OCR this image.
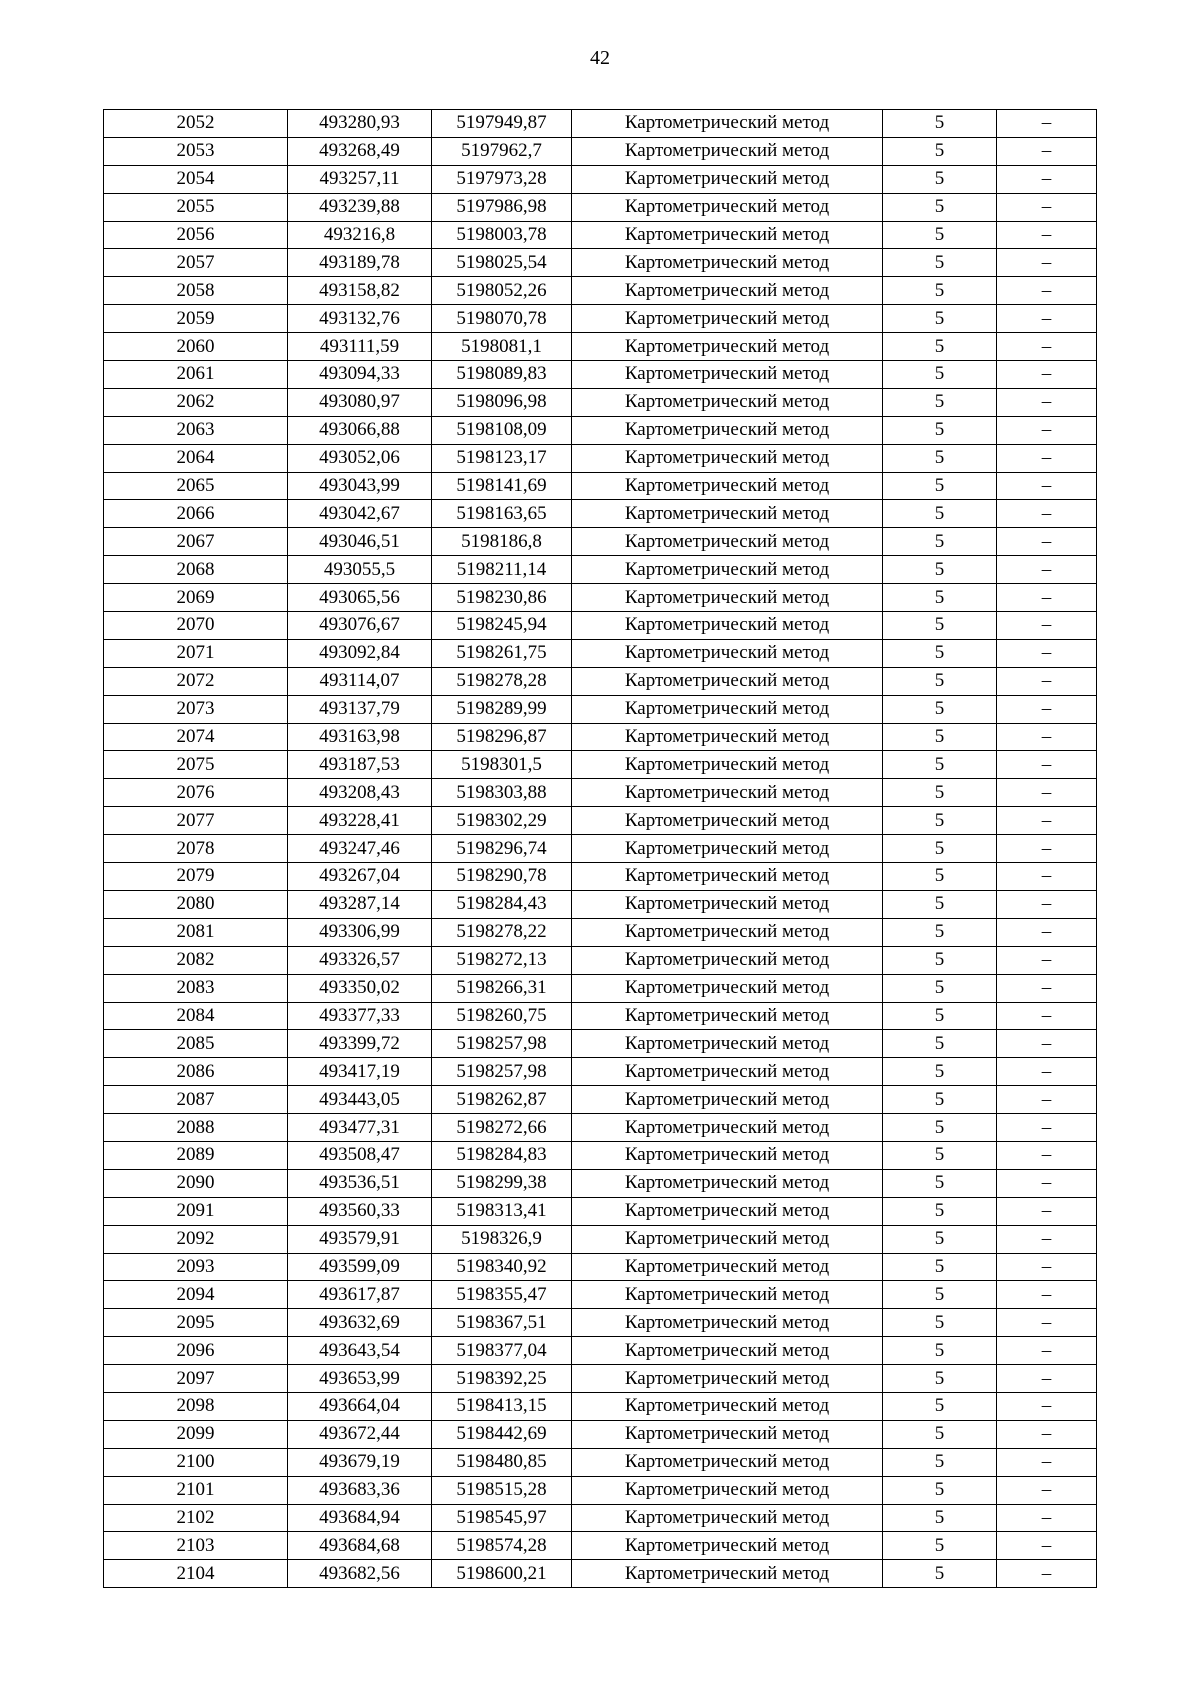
42
2052	493280,93	5197949,87	Картометрический метод	5	–
2053	493268,49	5197962,7	Картометрический метод	5	–
2054	493257,11	5197973,28	Картометрический метод	5	–
2055	493239,88	5197986,98	Картометрический метод	5	–
2056	493216,8	5198003,78	Картометрический метод	5	–
2057	493189,78	5198025,54	Картометрический метод	5	–
2058	493158,82	5198052,26	Картометрический метод	5	–
2059	493132,76	5198070,78	Картометрический метод	5	–
2060	493111,59	5198081,1	Картометрический метод	5	–
2061	493094,33	5198089,83	Картометрический метод	5	–
2062	493080,97	5198096,98	Картометрический метод	5	–
2063	493066,88	5198108,09	Картометрический метод	5	–
2064	493052,06	5198123,17	Картометрический метод	5	–
2065	493043,99	5198141,69	Картометрический метод	5	–
2066	493042,67	5198163,65	Картометрический метод	5	–
2067	493046,51	5198186,8	Картометрический метод	5	–
2068	493055,5	5198211,14	Картометрический метод	5	–
2069	493065,56	5198230,86	Картометрический метод	5	–
2070	493076,67	5198245,94	Картометрический метод	5	–
2071	493092,84	5198261,75	Картометрический метод	5	–
2072	493114,07	5198278,28	Картометрический метод	5	–
2073	493137,79	5198289,99	Картометрический метод	5	–
2074	493163,98	5198296,87	Картометрический метод	5	–
2075	493187,53	5198301,5	Картометрический метод	5	–
2076	493208,43	5198303,88	Картометрический метод	5	–
2077	493228,41	5198302,29	Картометрический метод	5	–
2078	493247,46	5198296,74	Картометрический метод	5	–
2079	493267,04	5198290,78	Картометрический метод	5	–
2080	493287,14	5198284,43	Картометрический метод	5	–
2081	493306,99	5198278,22	Картометрический метод	5	–
2082	493326,57	5198272,13	Картометрический метод	5	–
2083	493350,02	5198266,31	Картометрический метод	5	–
2084	493377,33	5198260,75	Картометрический метод	5	–
2085	493399,72	5198257,98	Картометрический метод	5	–
2086	493417,19	5198257,98	Картометрический метод	5	–
2087	493443,05	5198262,87	Картометрический метод	5	–
2088	493477,31	5198272,66	Картометрический метод	5	–
2089	493508,47	5198284,83	Картометрический метод	5	–
2090	493536,51	5198299,38	Картометрический метод	5	–
2091	493560,33	5198313,41	Картометрический метод	5	–
2092	493579,91	5198326,9	Картометрический метод	5	–
2093	493599,09	5198340,92	Картометрический метод	5	–
2094	493617,87	5198355,47	Картометрический метод	5	–
2095	493632,69	5198367,51	Картометрический метод	5	–
2096	493643,54	5198377,04	Картометрический метод	5	–
2097	493653,99	5198392,25	Картометрический метод	5	–
2098	493664,04	5198413,15	Картометрический метод	5	–
2099	493672,44	5198442,69	Картометрический метод	5	–
2100	493679,19	5198480,85	Картометрический метод	5	–
2101	493683,36	5198515,28	Картометрический метод	5	–
2102	493684,94	5198545,97	Картометрический метод	5	–
2103	493684,68	5198574,28	Картометрический метод	5	–
2104	493682,56	5198600,21	Картометрический метод	5	–
